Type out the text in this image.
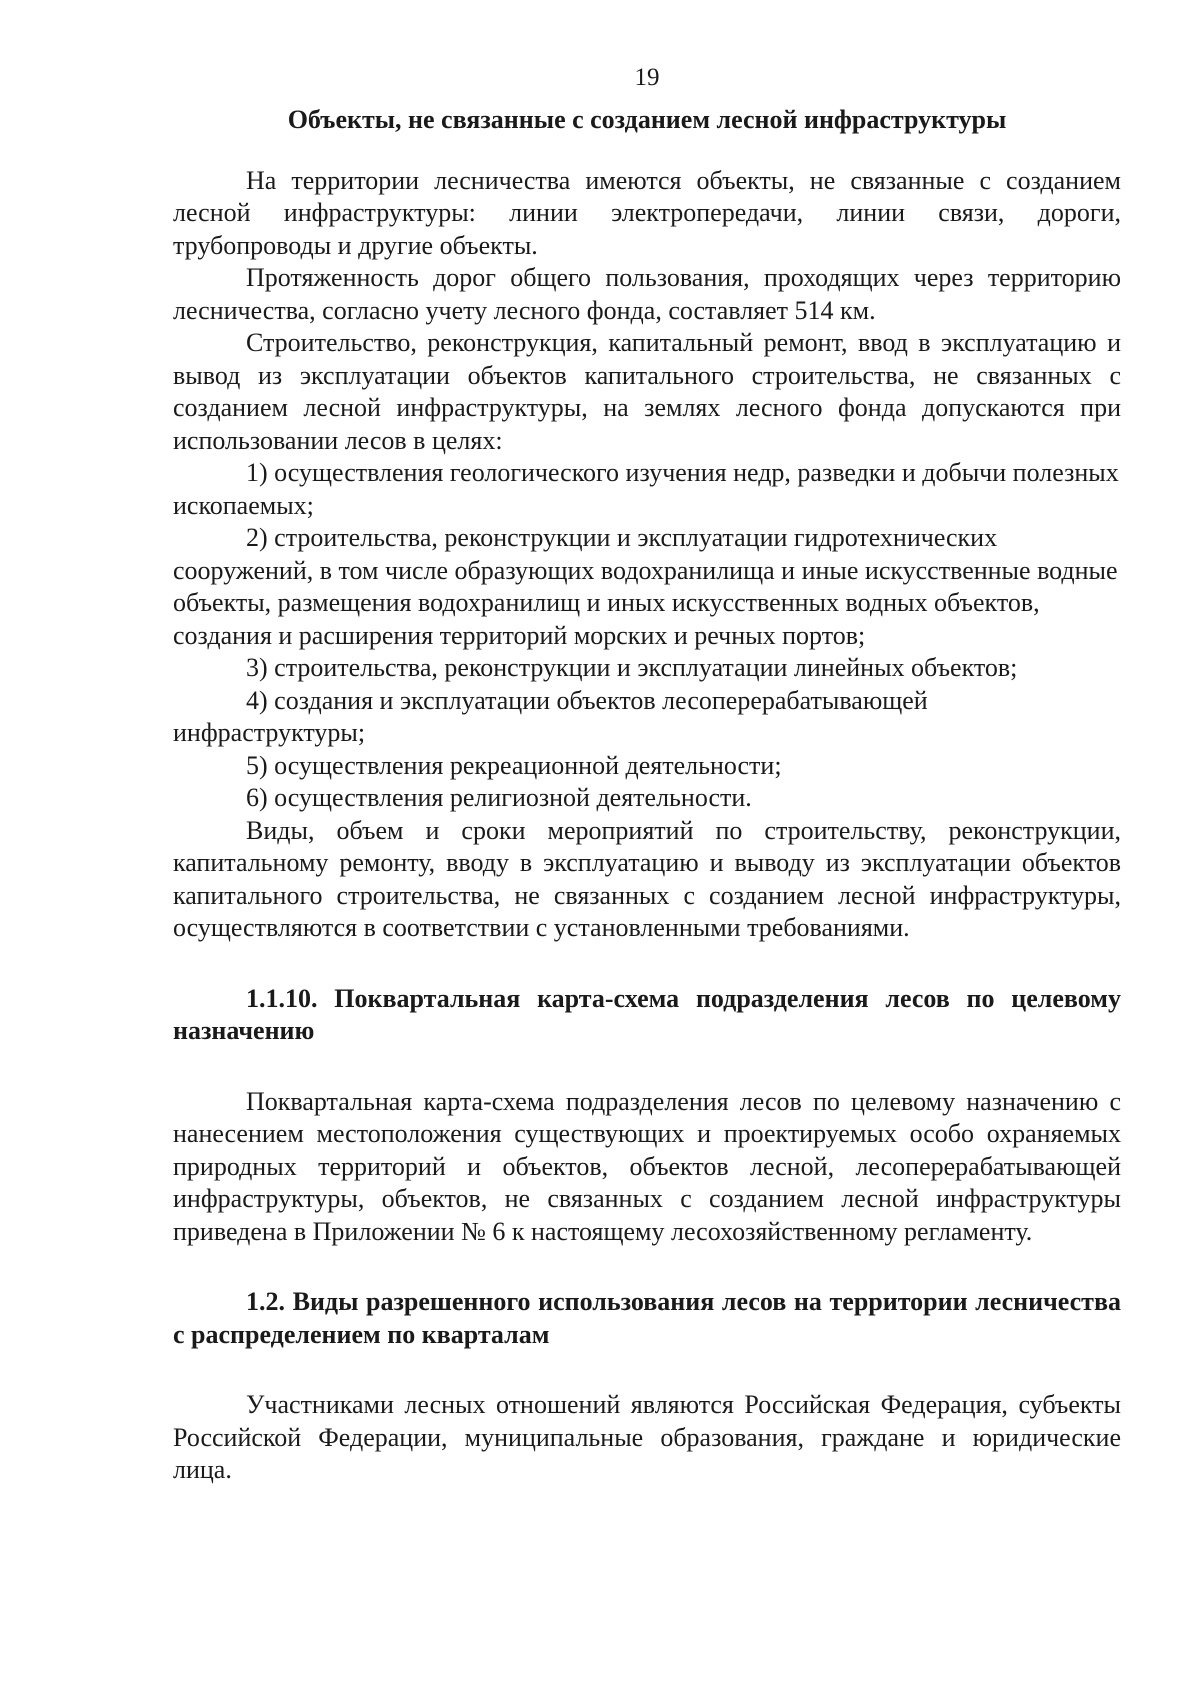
19
Объекты, не связанные с созданием лесной инфраструктуры

На территории лесничества имеются объекты, не связанные с созданием лесной инфраструктуры: линии электропередачи, линии связи, дороги, трубопроводы и другие объекты.

Протяженность дорог общего пользования, проходящих через территорию лесничества, согласно учету лесного фонда, составляет 514 км.

Строительство, реконструкция, капитальный ремонт, ввод в эксплуатацию и вывод из эксплуатации объектов капитального строительства, не связанных с созданием лесной инфраструктуры, на землях лесного фонда допускаются при использовании лесов в целях:

1) осуществления геологического изучения недр, разведки и добычи полезных ископаемых;

2) строительства, реконструкции и эксплуатации гидротехнических сооружений, в том числе образующих водохранилища и иные искусственные водные объекты, размещения водохранилищ и иных искусственных водных объектов, создания и расширения территорий морских и речных портов;

3) строительства, реконструкции и эксплуатации линейных объектов;

4) создания и эксплуатации объектов лесоперерабатывающей инфраструктуры;

5) осуществления рекреационной деятельности;

6) осуществления религиозной деятельности.

Виды, объем и сроки мероприятий по строительству, реконструкции, капитальному ремонту, вводу в эксплуатацию и выводу из эксплуатации объектов капитального строительства, не связанных с созданием лесной инфраструктуры, осуществляются в соответствии с установленными требованиями.

1.1.10. Поквартальная карта-схема подразделения лесов по целевому назначению

Поквартальная карта-схема подразделения лесов по целевому назначению с нанесением местоположения существующих и проектируемых особо охраняемых природных территорий и объектов, объектов лесной, лесоперерабатывающей инфраструктуры, объектов, не связанных с созданием лесной инфраструктуры приведена в Приложении № 6 к настоящему лесохозяйственному регламенту.

1.2. Виды разрешенного использования лесов на территории лесничества с распределением по кварталам

Участниками лесных отношений являются Российская Федерация, субъекты Российской Федерации, муниципальные образования, граждане и юридические лица.
